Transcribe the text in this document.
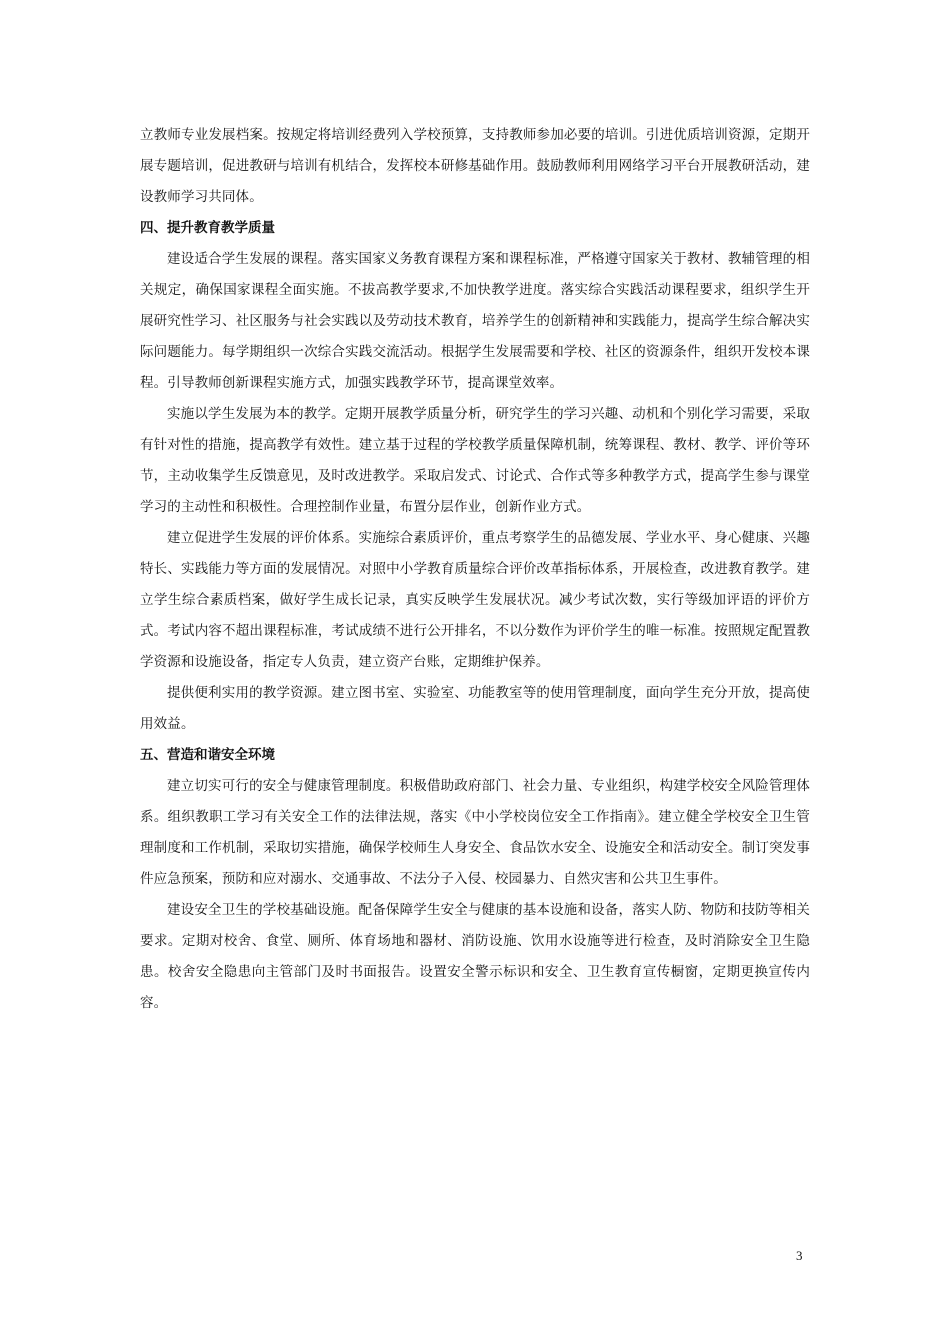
立教师专业发展档案。按规定将培训经费列入学校预算，支持教师参加必要的培训。引进优质培训资源，定期开展专题培训，促进教研与培训有机结合，发挥校本研修基础作用。鼓励教师利用网络学习平台开展教研活动，建设教师学习共同体。

四、提升教育教学质量

建设适合学生发展的课程。落实国家义务教育课程方案和课程标准，严格遵守国家关于教材、教辅管理的相关规定，确保国家课程全面实施。不拔高教学要求,不加快教学进度。落实综合实践活动课程要求，组织学生开展研究性学习、社区服务与社会实践以及劳动技术教育，培养学生的创新精神和实践能力，提高学生综合解决实际问题能力。每学期组织一次综合实践交流活动。根据学生发展需要和学校、社区的资源条件，组织开发校本课程。引导教师创新课程实施方式，加强实践教学环节，提高课堂效率。

实施以学生发展为本的教学。定期开展教学质量分析，研究学生的学习兴趣、动机和个别化学习需要，采取有针对性的措施，提高教学有效性。建立基于过程的学校教学质量保障机制，统筹课程、教材、教学、评价等环节，主动收集学生反馈意见，及时改进教学。采取启发式、讨论式、合作式等多种教学方式，提高学生参与课堂学习的主动性和积极性。合理控制作业量，布置分层作业，创新作业方式。

建立促进学生发展的评价体系。实施综合素质评价，重点考察学生的品德发展、学业水平、身心健康、兴趣特长、实践能力等方面的发展情况。对照中小学教育质量综合评价改革指标体系，开展检查，改进教育教学。建立学生综合素质档案，做好学生成长记录，真实反映学生发展状况。减少考试次数，实行等级加评语的评价方式。考试内容不超出课程标准，考试成绩不进行公开排名，不以分数作为评价学生的唯一标准。按照规定配置教学资源和设施设备，指定专人负责，建立资产台账，定期维护保养。

提供便利实用的教学资源。建立图书室、实验室、功能教室等的使用管理制度，面向学生充分开放，提高使用效益。

五、营造和谐安全环境

建立切实可行的安全与健康管理制度。积极借助政府部门、社会力量、专业组织，构建学校安全风险管理体系。组织教职工学习有关安全工作的法律法规，落实《中小学校岗位安全工作指南》。建立健全学校安全卫生管理制度和工作机制，采取切实措施，确保学校师生人身安全、食品饮水安全、设施安全和活动安全。制订突发事件应急预案，预防和应对溺水、交通事故、不法分子入侵、校园暴力、自然灾害和公共卫生事件。

建设安全卫生的学校基础设施。配备保障学生安全与健康的基本设施和设备，落实人防、物防和技防等相关要求。定期对校舍、食堂、厕所、体育场地和器材、消防设施、饮用水设施等进行检查，及时消除安全卫生隐患。校舍安全隐患向主管部门及时书面报告。设置安全警示标识和安全、卫生教育宣传橱窗，定期更换宣传内容。

3
